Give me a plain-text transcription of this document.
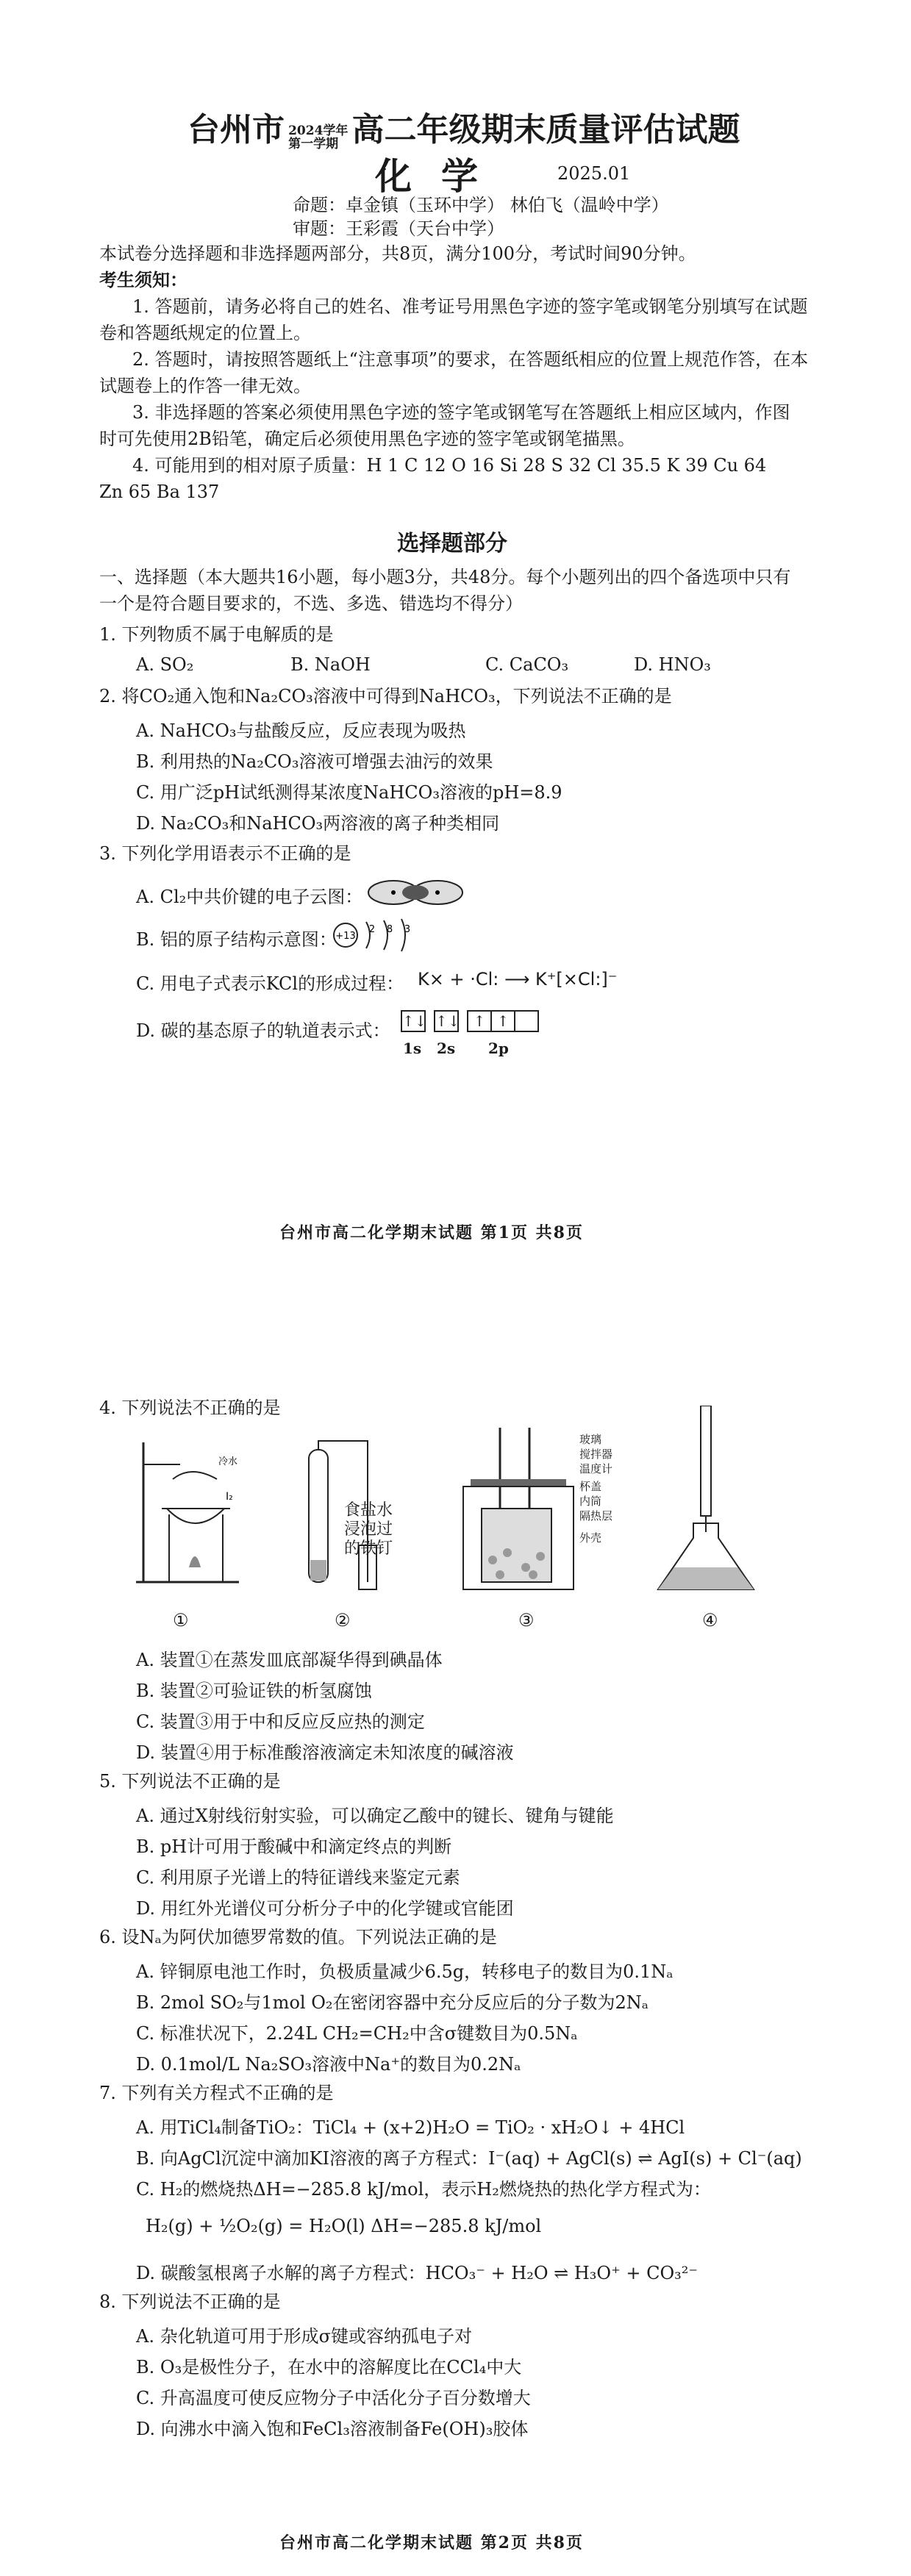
台州市 2024学年
第一学期 高二年级期末质量评估试题
化学	2025.01
命题：卓金镇（玉环中学） 林伯飞（温岭中学）
审题：王彩霞（天台中学）
本试卷分选择题和非选择题两部分，共8页，满分100分，考试时间90分钟。
考生须知：
1. 答题前，请务必将自己的姓名、准考证号用黑色字迹的签字笔或钢笔分别填写在试题
卷和答题纸规定的位置上。
2. 答题时，请按照答题纸上“注意事项”的要求，在答题纸相应的位置上规范作答，在本
试题卷上的作答一律无效。
3. 非选择题的答案必须使用黑色字迹的签字笔或钢笔写在答题纸上相应区域内，作图
时可先使用2B铅笔，确定后必须使用黑色字迹的签字笔或钢笔描黑。
4. 可能用到的相对原子质量：H 1 C 12 O 16 Si 28 S 32 Cl 35.5 K 39 Cu 64
Zn 65 Ba 137
选择题部分
一、选择题（本大题共16小题，每小题3分，共48分。每个小题列出的四个备选项中只有
一个是符合题目要求的，不选、多选、错选均不得分）
1. 下列物质不属于电解质的是
A. SO₂	B. NaOH	C. CaCO₃	D. HNO₃
2. 将CO₂通入饱和Na₂CO₃溶液中可得到NaHCO₃，下列说法不正确的是
A. NaHCO₃与盐酸反应，反应表现为吸热
B. 利用热的Na₂CO₃溶液可增强去油污的效果
C. 用广泛pH试纸测得某浓度NaHCO₃溶液的pH=8.9
D. Na₂CO₃和NaHCO₃两溶液的离子种类相同
3. 下列化学用语表示不正确的是
A. Cl₂中共价键的电子云图：
B. 铝的原子结构示意图：
+13
2 8 3
C. 用电子式表示KCl的形成过程： K× + ·Cl: ⟶ K⁺[×Cl:]⁻
D. 碳的基态原子的轨道表示式： ↑↓ ↑↓ ↑ ↑
1s 2s 2p
台州市高二化学期末试题 第1页 共8页
4. 下列说法不正确的是
冷水
I₂
食盐水浸泡过的铁钉
玻璃
搅拌器
温度计
杯盖
内筒
隔热层
外壳
①	②	③	④
A. 装置①在蒸发皿底部凝华得到碘晶体
B. 装置②可验证铁的析氢腐蚀
C. 装置③用于中和反应反应热的测定
D. 装置④用于标准酸溶液滴定未知浓度的碱溶液
5. 下列说法不正确的是
A. 通过X射线衍射实验，可以确定乙酸中的键长、键角与键能
B. pH计可用于酸碱中和滴定终点的判断
C. 利用原子光谱上的特征谱线来鉴定元素
D. 用红外光谱仪可分析分子中的化学键或官能团
6. 设Nₐ为阿伏加德罗常数的值。下列说法正确的是
A. 锌铜原电池工作时，负极质量减少6.5g，转移电子的数目为0.1Nₐ
B. 2mol SO₂与1mol O₂在密闭容器中充分反应后的分子数为2Nₐ
C. 标准状况下，2.24L CH₂=CH₂中含σ键数目为0.5Nₐ
D. 0.1mol/L Na₂SO₃溶液中Na⁺的数目为0.2Nₐ
7. 下列有关方程式不正确的是
A. 用TiCl₄制备TiO₂：TiCl₄ + (x+2)H₂O = TiO₂ · xH₂O↓ + 4HCl
B. 向AgCl沉淀中滴加KI溶液的离子方程式：I⁻(aq) + AgCl(s) ⇌ AgI(s) + Cl⁻(aq)
C. H₂的燃烧热ΔH=−285.8 kJ/mol，表示H₂燃烧热的热化学方程式为：
H₂(g) + ½O₂(g) = H₂O(l) ΔH=−285.8 kJ/mol
D. 碳酸氢根离子水解的离子方程式：HCO₃⁻ + H₂O ⇌ H₃O⁺ + CO₃²⁻
8. 下列说法不正确的是
A. 杂化轨道可用于形成σ键或容纳孤电子对
B. O₃是极性分子，在水中的溶解度比在CCl₄中大
C. 升高温度可使反应物分子中活化分子百分数增大
D. 向沸水中滴入饱和FeCl₃溶液制备Fe(OH)₃胶体
台州市高二化学期末试题 第2页 共8页
